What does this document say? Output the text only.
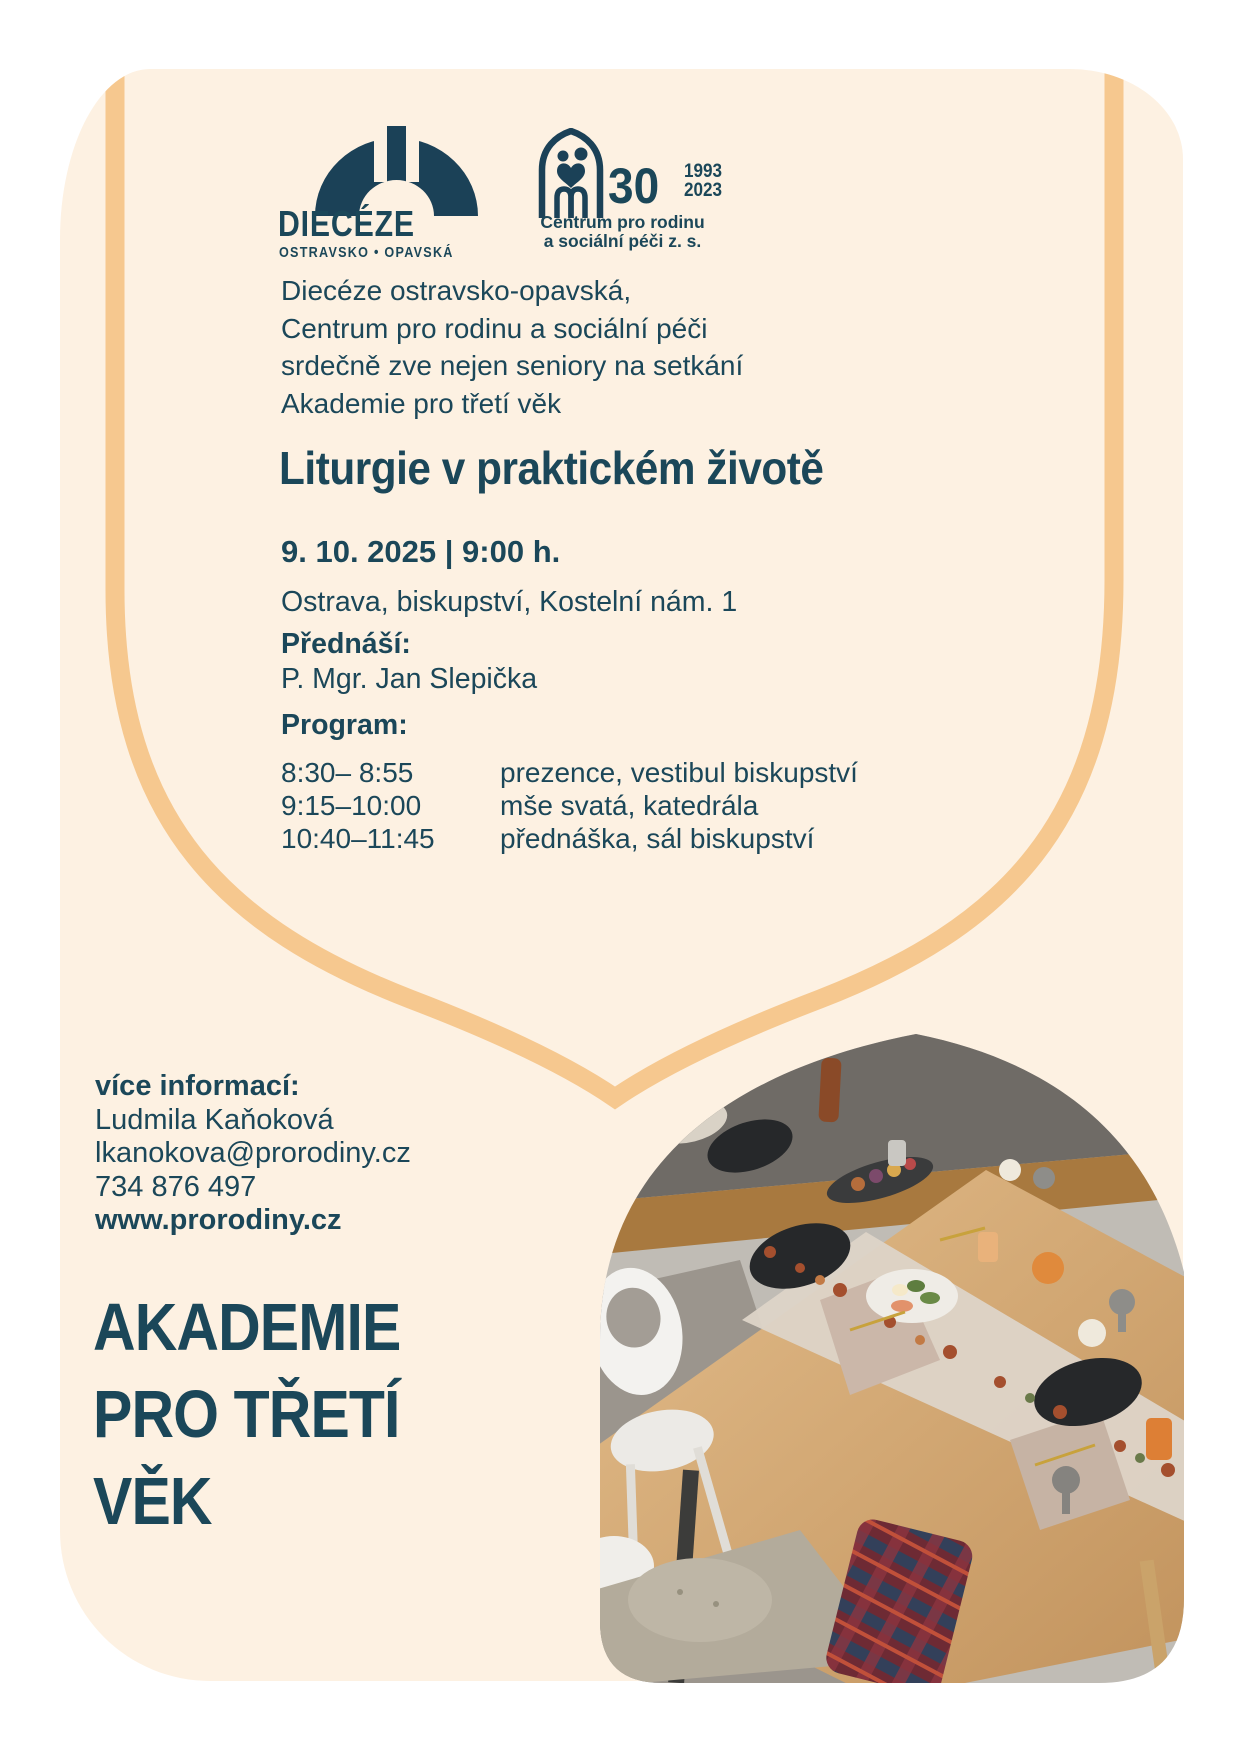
DIECÉZE
OSTRAVSKO • OPAVSKÁ
30 1993
2023
Centrum pro rodinu
a sociální péči z. s.
Diecéze ostravsko-opavská,
Centrum pro rodinu a sociální péči
srdečně zve nejen seniory na setkání
Akademie pro třetí věk
Liturgie v praktickém životě
9. 10. 2025 | 9:00 h.
Ostrava, biskupství, Kostelní nám. 1
Přednáší:
P. Mgr. Jan Slepička
Program:
8:30– 8:55	prezence, vestibul biskupství
9:15–10:00	mše svatá, katedrála
10:40–11:45	přednáška, sál biskupství
více informací:
Ludmila Kaňoková
lkanokova@prorodiny.cz
734 876 497
www.prorodiny.cz
AKADEMIE
PRO TŘETÍ
VĚK
